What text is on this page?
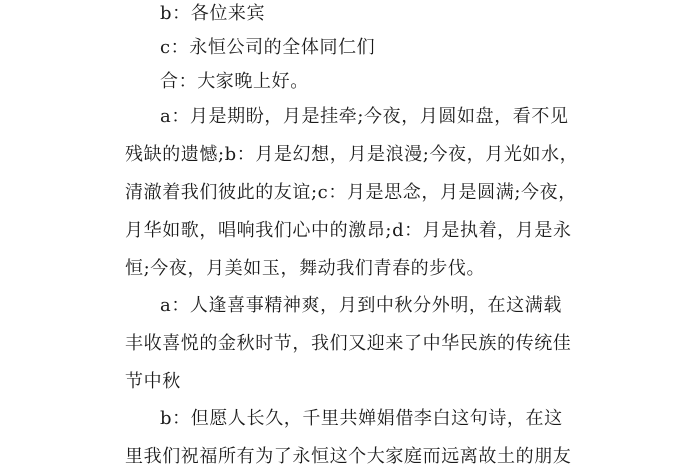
b：各位来宾
c：永恒公司的全体同仁们
合：大家晚上好。
a：月是期盼，月是挂牵;今夜，月圆如盘，看不见
残缺的遗憾;b：月是幻想，月是浪漫;今夜，月光如水，
清澈着我们彼此的友谊;c：月是思念，月是圆满;今夜，
月华如歌，唱响我们心中的激昂;d：月是执着，月是永
恒;今夜，月美如玉，舞动我们青春的步伐。
a：人逢喜事精神爽，月到中秋分外明，在这满载
丰收喜悦的金秋时节，我们又迎来了中华民族的传统佳
节中秋
b：但愿人长久，千里共婵娟借李白这句诗，在这
里我们祝福所有为了永恒这个大家庭而远离故土的朋友
